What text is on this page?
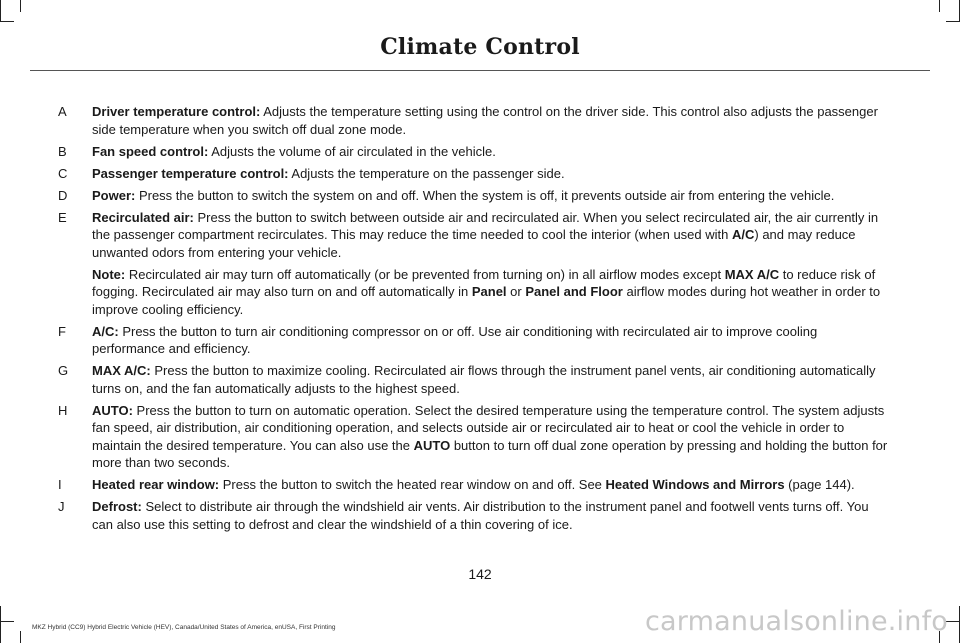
Climate Control
A	Driver temperature control: Adjusts the temperature setting using the control on the driver side. This control also adjusts the passenger side temperature when you switch off dual zone mode.
B	Fan speed control: Adjusts the volume of air circulated in the vehicle.
C	Passenger temperature control: Adjusts the temperature on the passenger side.
D	Power: Press the button to switch the system on and off. When the system is off, it prevents outside air from entering the vehicle.
E	Recirculated air: Press the button to switch between outside air and recirculated air. When you select recirculated air, the air currently in the passenger compartment recirculates. This may reduce the time needed to cool the interior (when used with A/C) and may reduce unwanted odors from entering your vehicle.
Note: Recirculated air may turn off automatically (or be prevented from turning on) in all airflow modes except MAX A/C to reduce risk of fogging. Recirculated air may also turn on and off automatically in Panel or Panel and Floor airflow modes during hot weather in order to improve cooling efficiency.
F	A/C: Press the button to turn air conditioning compressor on or off. Use air conditioning with recirculated air to improve cooling performance and efficiency.
G MAX A/C: Press the button to maximize cooling. Recirculated air flows through the instrument panel vents, air conditioning automatically turns on, and the fan automatically adjusts to the highest speed.
H	AUTO: Press the button to turn on automatic operation. Select the desired temperature using the temperature control. The system adjusts fan speed, air distribution, air conditioning operation, and selects outside air or recirculated air to heat or cool the vehicle in order to maintain the desired temperature. You can also use the AUTO button to turn off dual zone operation by pressing and holding the button for more than two seconds.
I	Heated rear window: Press the button to switch the heated rear window on and off. See Heated Windows and Mirrors (page 144).
J	Defrost: Select to distribute air through the windshield air vents. Air distribution to the instrument panel and footwell vents turns off. You can also use this setting to defrost and clear the windshield of a thin covering of ice.
142
MKZ Hybrid (CC9) Hybrid Electric Vehicle (HEV), Canada/United States of America, enUSA, First Printing	carmanualsonline.info
